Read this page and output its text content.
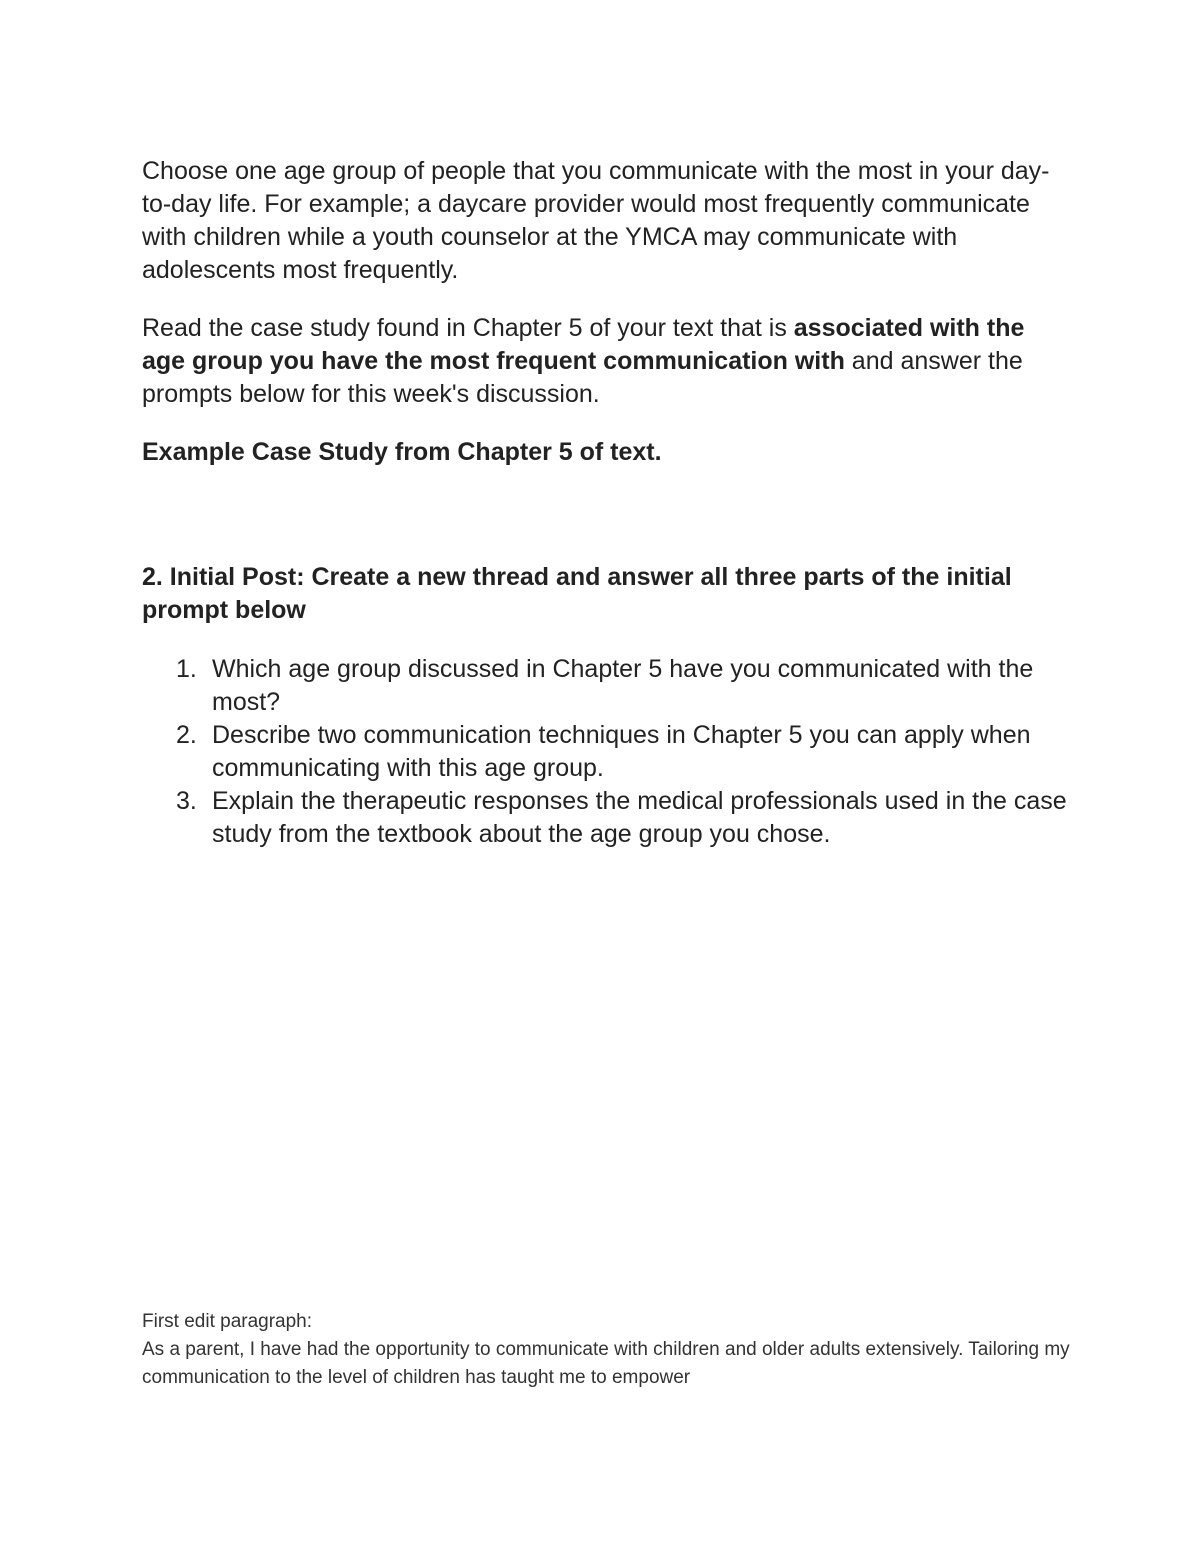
Choose one age group of people that you communicate with the most in your day-to-day life. For example; a daycare provider would most frequently communicate with children while a youth counselor at the YMCA may communicate with adolescents most frequently.

Read the case study found in Chapter 5 of your text that is associated with the age group you have the most frequent communication with and answer the prompts below for this week's discussion.

Example Case Study from Chapter 5 of text.

2. Initial Post: Create a new thread and answer all three parts of the initial prompt below

1. Which age group discussed in Chapter 5 have you communicated with the most?
2. Describe two communication techniques in Chapter 5 you can apply when communicating with this age group.
3. Explain the therapeutic responses the medical professionals used in the case study from the textbook about the age group you chose.

First edit paragraph:

As a parent, I have had the opportunity to communicate with children and older adults extensively. Tailoring my communication to the level of children has taught me to empower
